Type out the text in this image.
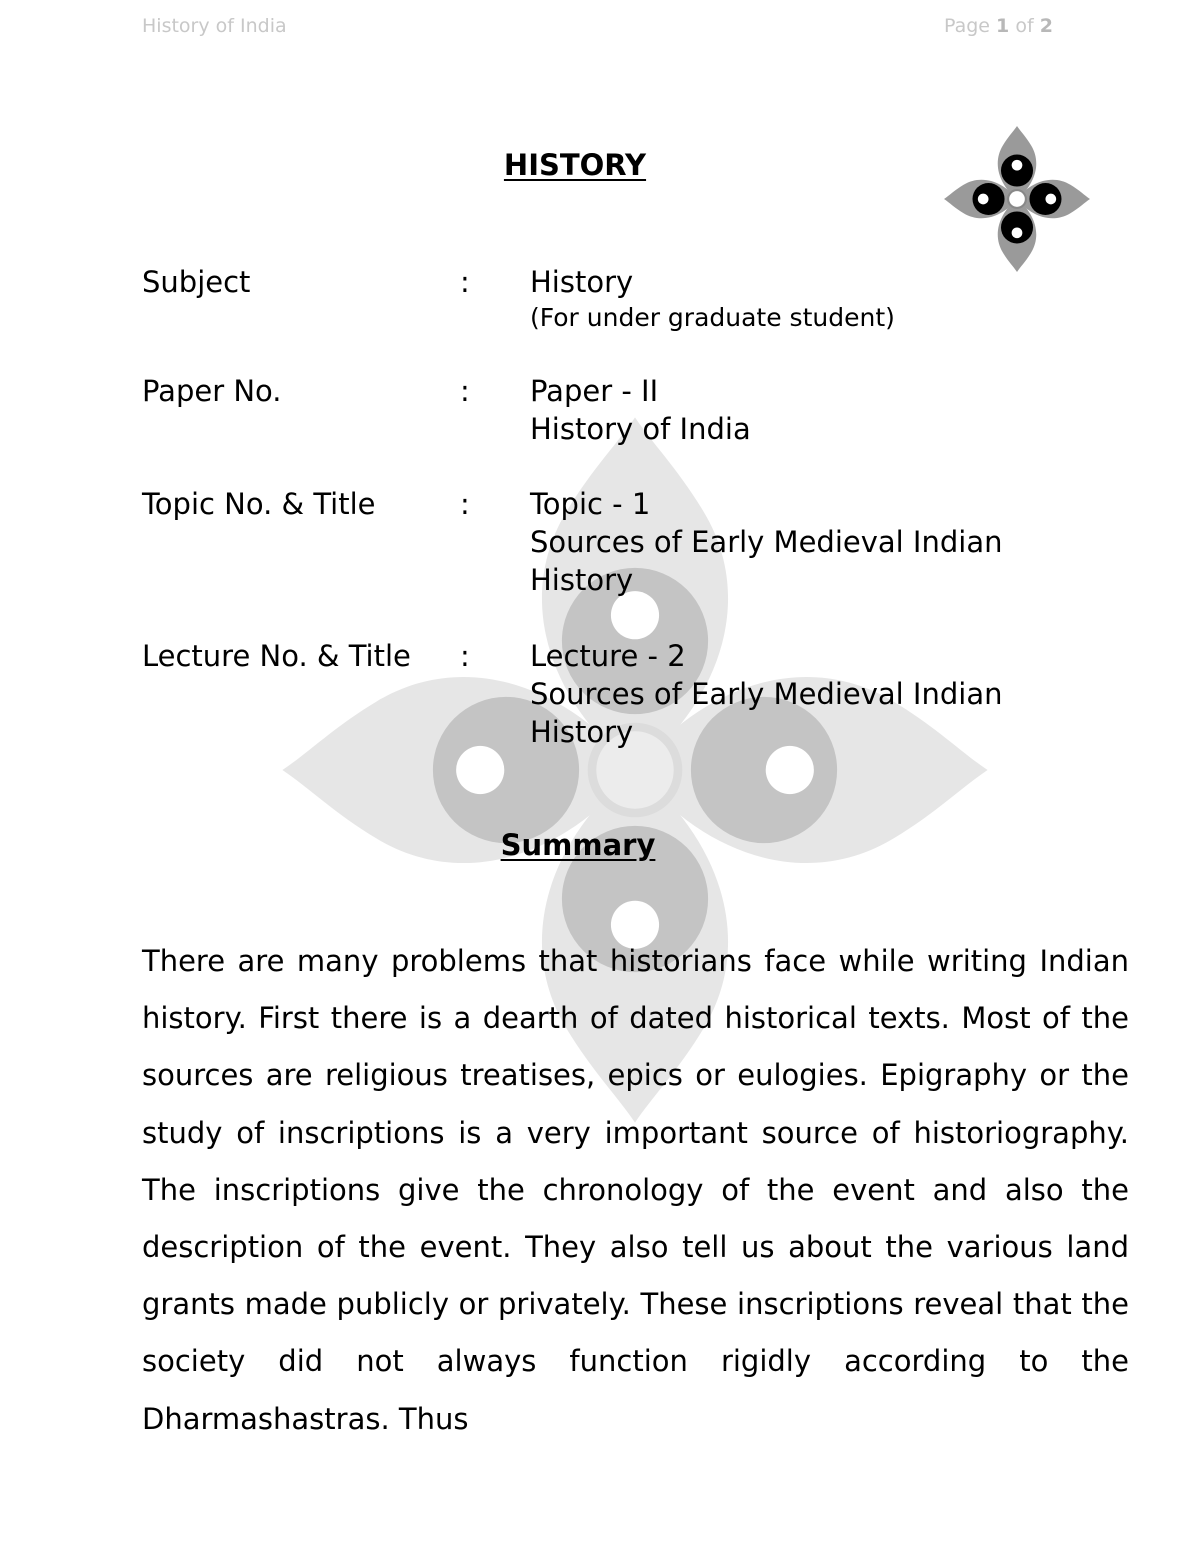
History of India	Page 1 of 2
HISTORY
Subject	: History
(For under graduate student)
Paper No.	: Paper - II
History of India
Topic No. & Title	: Topic - 1
Sources of Early Medieval Indian
History
Lecture No. & Title : Lecture - 2
Sources of Early Medieval Indian
History
Summary

There are many problems that historians face while writing Indian history. First there is a dearth of dated historical texts. Most of the sources are religious treatises, epics or eulogies. Epigraphy or the study of inscriptions is a very important source of historiography. The inscriptions give the chronology of the event and also the description of the event. They also tell us about the various land grants made publicly or privately. These inscriptions reveal that the society did not always function rigidly according to the Dharmashastras. Thus
